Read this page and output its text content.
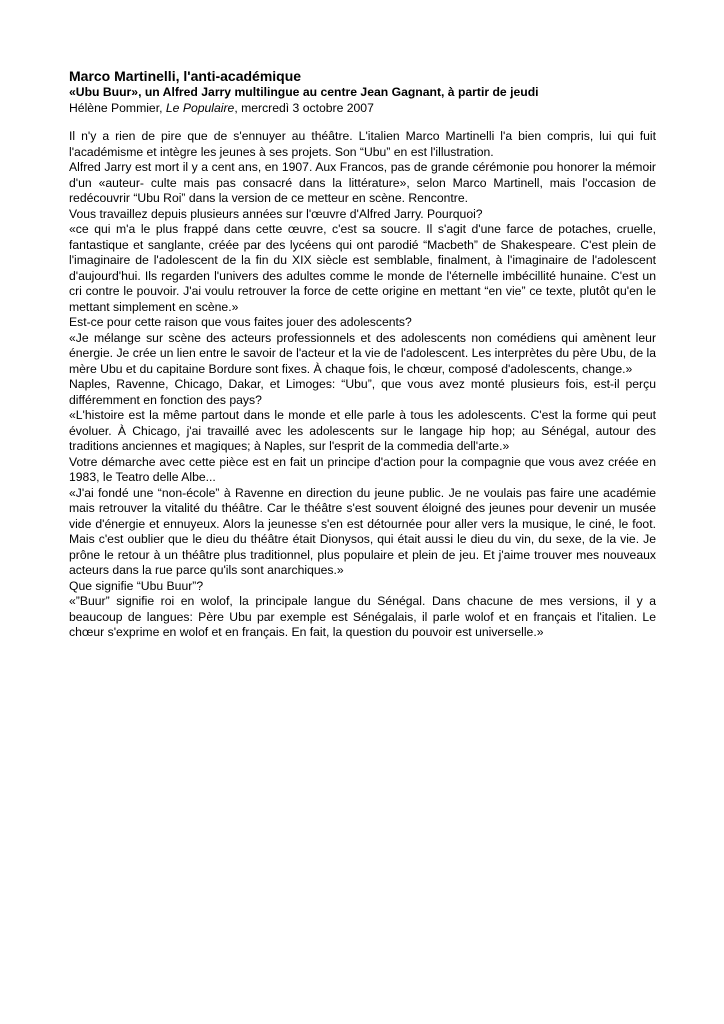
Marco Martinelli, l'anti-académique

«Ubu Buur», un Alfred Jarry multilingue au centre Jean Gagnant, à partir de jeudi

Hélène Pommier, Le Populaire, mercredì 3 octobre 2007

Il n'y a rien de pire que de s'ennuyer au théâtre. L'italien Marco Martinelli l'a bien compris, lui qui fuit l'académisme et intègre les jeunes à ses projets. Son “Ubu” en est l'illustration.

Alfred Jarry est mort il y a cent ans, en 1907. Aux Francos, pas de grande cérémonie pou honorer la mémoir d'un «auteur- culte mais pas consacré dans la littérature», selon Marco Martinell, mais l'occasion de redécouvrir “Ubu Roi” dans la version de ce metteur en scène. Rencontre.

Vous travaillez depuis plusieurs années sur l'œuvre d'Alfred Jarry. Pourquoi?

«ce qui m'a le plus frappé dans cette œuvre, c'est sa soucre. Il s'agit d'une farce de potaches, cruelle, fantastique et sanglante, créée par des lycéens qui ont parodié “Macbeth” de Shakespeare. C'est plein de l'imaginaire de l'adolescent de la fin du XIX siècle est semblable, finalment, à l'imaginaire de l'adolescent d'aujourd'hui. Ils regarden l'univers des adultes comme le monde de l'éternelle imbécillité hunaine. C'est un cri contre le pouvoir. J'ai voulu retrouver la force de cette origine en mettant “en vie” ce texte, plutôt qu'en le mettant simplement en scène.»

Est-ce pour cette raison que vous faites jouer des adolescents?

«Je mélange sur scène des acteurs professionnels et des adolescents non comédiens qui amènent leur énergie. Je crée un lien entre le savoir de l'acteur et la vie de l'adolescent. Les interprètes du père Ubu, de la mère Ubu et du capitaine Bordure sont fixes. À chaque fois, le chœur, composé d'adolescents, change.»

Naples, Ravenne, Chicago, Dakar, et Limoges: “Ubu”, que vous avez monté plusieurs fois, est-il perçu différemment en fonction des pays?

«L'histoire est la même partout dans le monde et elle parle à tous les adolescents. C'est la forme qui peut évoluer. À Chicago, j'ai travaillé avec les adolescents sur le langage hip hop; au Sénégal, autour des traditions anciennes et magiques; à Naples, sur l'esprit de la commedia dell'arte.»

Votre démarche avec cette pièce est en fait un principe d'action pour la compagnie que vous avez créée en 1983, le Teatro delle Albe...

«J'ai fondé une “non-école” à Ravenne en direction du jeune public. Je ne voulais pas faire une académie mais retrouver la vitalité du théâtre. Car le théâtre s'est souvent éloigné des jeunes pour devenir un musée vide d'énergie et ennuyeux. Alors la jeunesse s'en est détournée pour aller vers la musique, le ciné, le foot. Mais c'est oublier que le dieu du théâtre était Dionysos, qui était aussi le dieu du vin, du sexe, de la vie. Je prône le retour à un théâtre plus traditionnel, plus populaire et plein de jeu. Et j'aime trouver mes nouveaux acteurs dans la rue parce qu'ils sont anarchiques.»

Que signifie “Ubu Buur”?

«”Buur” signifie roi en wolof, la principale langue du Sénégal. Dans chacune de mes versions, il y a beaucoup de langues: Père Ubu par exemple est Sénégalais, il parle wolof et en français et l'italien. Le chœur s'exprime en wolof et en français. En fait, la question du pouvoir est universelle.»
